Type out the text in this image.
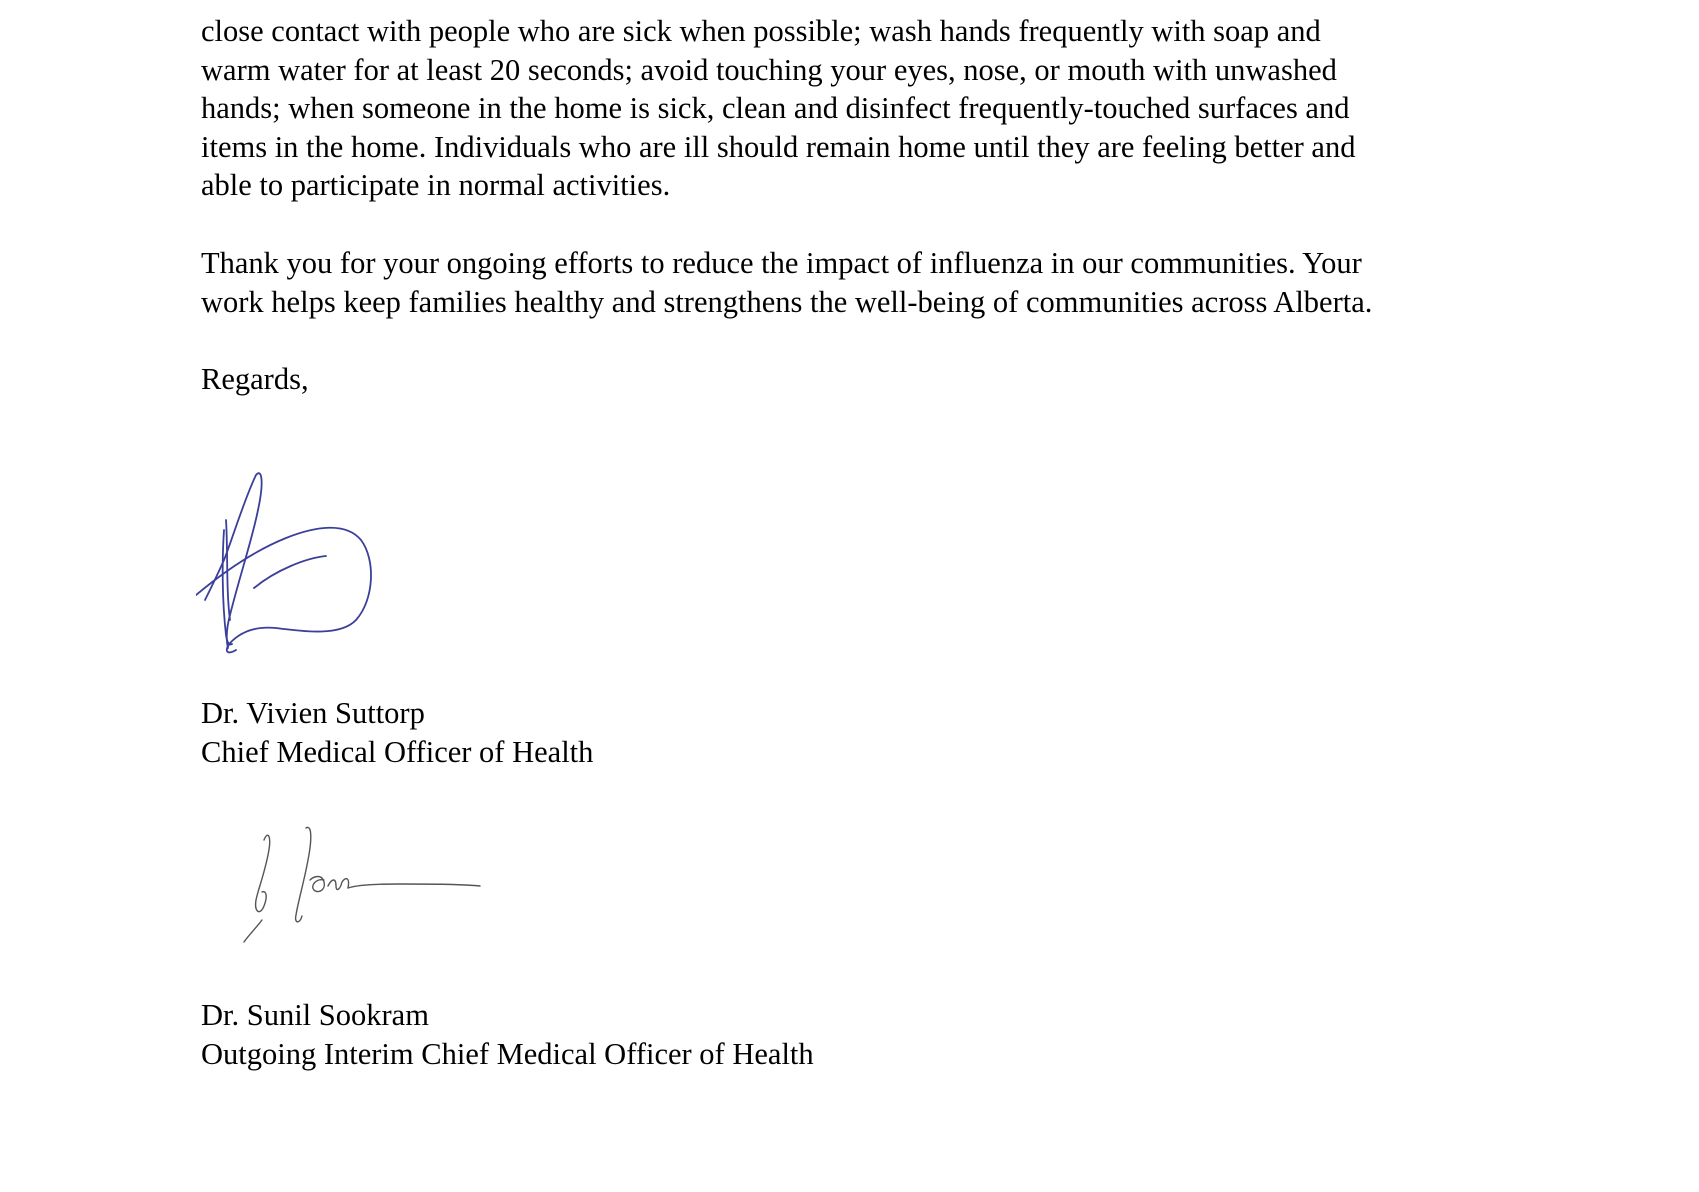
close contact with people who are sick when possible; wash hands frequently with soap and
warm water for at least 20 seconds; avoid touching your eyes, nose, or mouth with unwashed
hands; when someone in the home is sick, clean and disinfect frequently-touched surfaces and
items in the home. Individuals who are ill should remain home until they are feeling better and
able to participate in normal activities.
Thank you for your ongoing efforts to reduce the impact of influenza in our communities. Your
work helps keep families healthy and strengthens the well-being of communities across Alberta.
Regards,
Dr. Vivien Suttorp
Chief Medical Officer of Health
Dr. Sunil Sookram
Outgoing Interim Chief Medical Officer of Health
